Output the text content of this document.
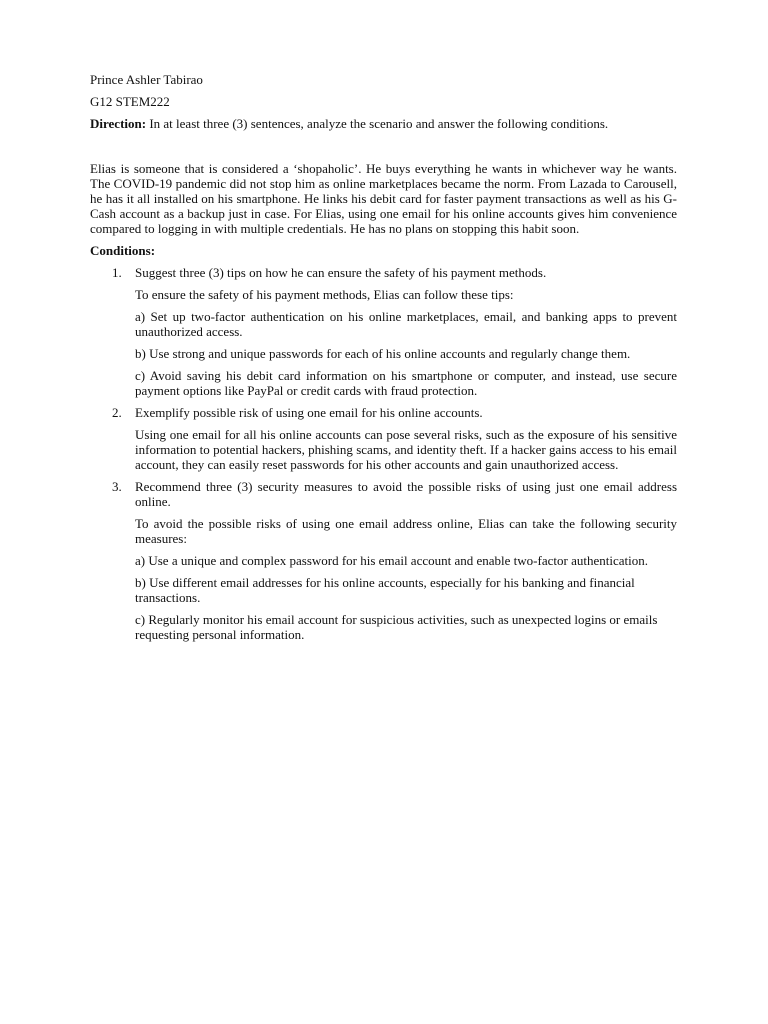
Prince Ashler Tabirao

G12 STEM222

Direction: In at least three (3) sentences, analyze the scenario and answer the following conditions.

Elias is someone that is considered a ‘shopaholic’. He buys everything he wants in whichever way he wants. The COVID-19 pandemic did not stop him as online marketplaces became the norm. From Lazada to Carousell, he has it all installed on his smartphone. He links his debit card for faster payment transactions as well as his G-Cash account as a backup just in case. For Elias, using one email for his online accounts gives him convenience compared to logging in with multiple credentials. He has no plans on stopping this habit soon.

Conditions:

1. Suggest three (3) tips on how he can ensure the safety of his payment methods.

To ensure the safety of his payment methods, Elias can follow these tips:

a) Set up two-factor authentication on his online marketplaces, email, and banking apps to prevent unauthorized access.

b) Use strong and unique passwords for each of his online accounts and regularly change them.

c) Avoid saving his debit card information on his smartphone or computer, and instead, use secure payment options like PayPal or credit cards with fraud protection.

2. Exemplify possible risk of using one email for his online accounts.

Using one email for all his online accounts can pose several risks, such as the exposure of his sensitive information to potential hackers, phishing scams, and identity theft. If a hacker gains access to his email account, they can easily reset passwords for his other accounts and gain unauthorized access.

3. Recommend three (3) security measures to avoid the possible risks of using just one email address online.

To avoid the possible risks of using one email address online, Elias can take the following security measures:

a) Use a unique and complex password for his email account and enable two-factor authentication.

b) Use different email addresses for his online accounts, especially for his banking and financial transactions.

c) Regularly monitor his email account for suspicious activities, such as unexpected logins or emails requesting personal information.
